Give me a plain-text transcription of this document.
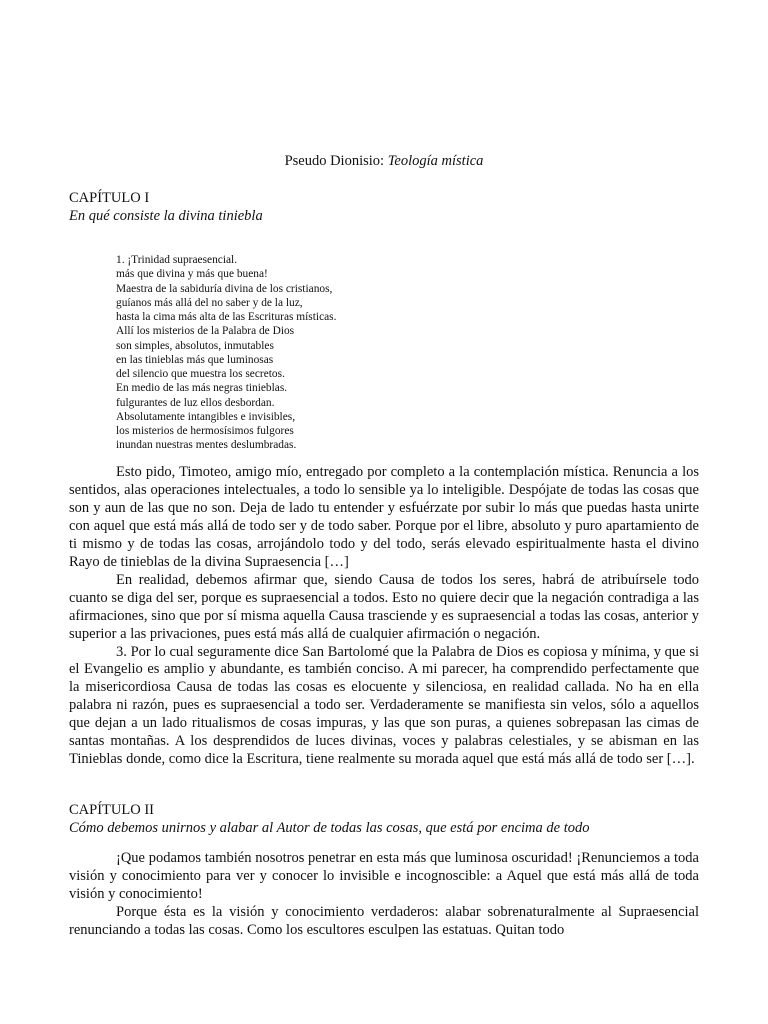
Pseudo Dionisio: Teología mística
CAPÍTULO I
En qué consiste la divina tiniebla
1. ¡Trinidad supraesencial.
más que divina y más que buena!
Maestra de la sabiduría divina de los cristianos,
guíanos más allá del no saber y de la luz,
hasta la cima más alta de las Escrituras místicas.
Allí los misterios de la Palabra de Dios
son simples, absolutos, inmutables
en las tinieblas más que luminosas
del silencio que muestra los secretos.
En medio de las más negras tinieblas.
fulgurantes de luz ellos desbordan.
Absolutamente intangibles e invisibles,
los misterios de hermosísimos fulgores
inundan nuestras mentes deslumbradas.

Esto pido, Timoteo, amigo mío, entregado por completo a la contemplación mística. Renuncia a los sentidos, alas operaciones intelectuales, a todo lo sensible ya lo inteligible. Despójate de todas las cosas que son y aun de las que no son. Deja de lado tu entender y esfuérzate por subir lo más que puedas hasta unirte con aquel que está más allá de todo ser y de todo saber. Porque por el libre, absoluto y puro apartamiento de ti mismo y de todas las cosas, arrojándolo todo y del todo, serás elevado espiritualmente hasta el divino Rayo de tinieblas de la divina Supraesencia […]

En realidad, debemos afirmar que, siendo Causa de todos los seres, habrá de atribuírsele todo cuanto se diga del ser, porque es supraesencial a todos. Esto no quiere decir que la negación contradiga a las afirmaciones, sino que por sí misma aquella Causa trasciende y es supraesencial a todas las cosas, anterior y superior a las privaciones, pues está más allá de cualquier afirmación o negación.

3. Por lo cual seguramente dice San Bartolomé que la Palabra de Dios es copiosa y mínima, y que si el Evangelio es amplio y abundante, es también conciso. A mi parecer, ha comprendido perfectamente que la misericordiosa Causa de todas las cosas es elocuente y silenciosa, en realidad callada. No ha en ella palabra ni razón, pues es supraesencial a todo ser. Verdaderamente se manifiesta sin velos, sólo a aquellos que dejan a un lado ritualismos de cosas impuras, y las que son puras, a quienes sobrepasan las cimas de santas montañas. A los desprendidos de luces divinas, voces y palabras celestiales, y se abisman en las Tinieblas donde, como dice la Escritura, tiene realmente su morada aquel que está más allá de todo ser […].

CAPÍTULO II
Cómo debemos unirnos y alabar al Autor de todas las cosas, que está por encima de todo

¡Que podamos también nosotros penetrar en esta más que luminosa oscuridad! ¡Renunciemos a toda visión y conocimiento para ver y conocer lo invisible e incognoscible: a Aquel que está más allá de toda visión y conocimiento!

Porque ésta es la visión y conocimiento verdaderos: alabar sobrenaturalmente al Supraesencial renunciando a todas las cosas. Como los escultores esculpen las estatuas. Quitan todo
